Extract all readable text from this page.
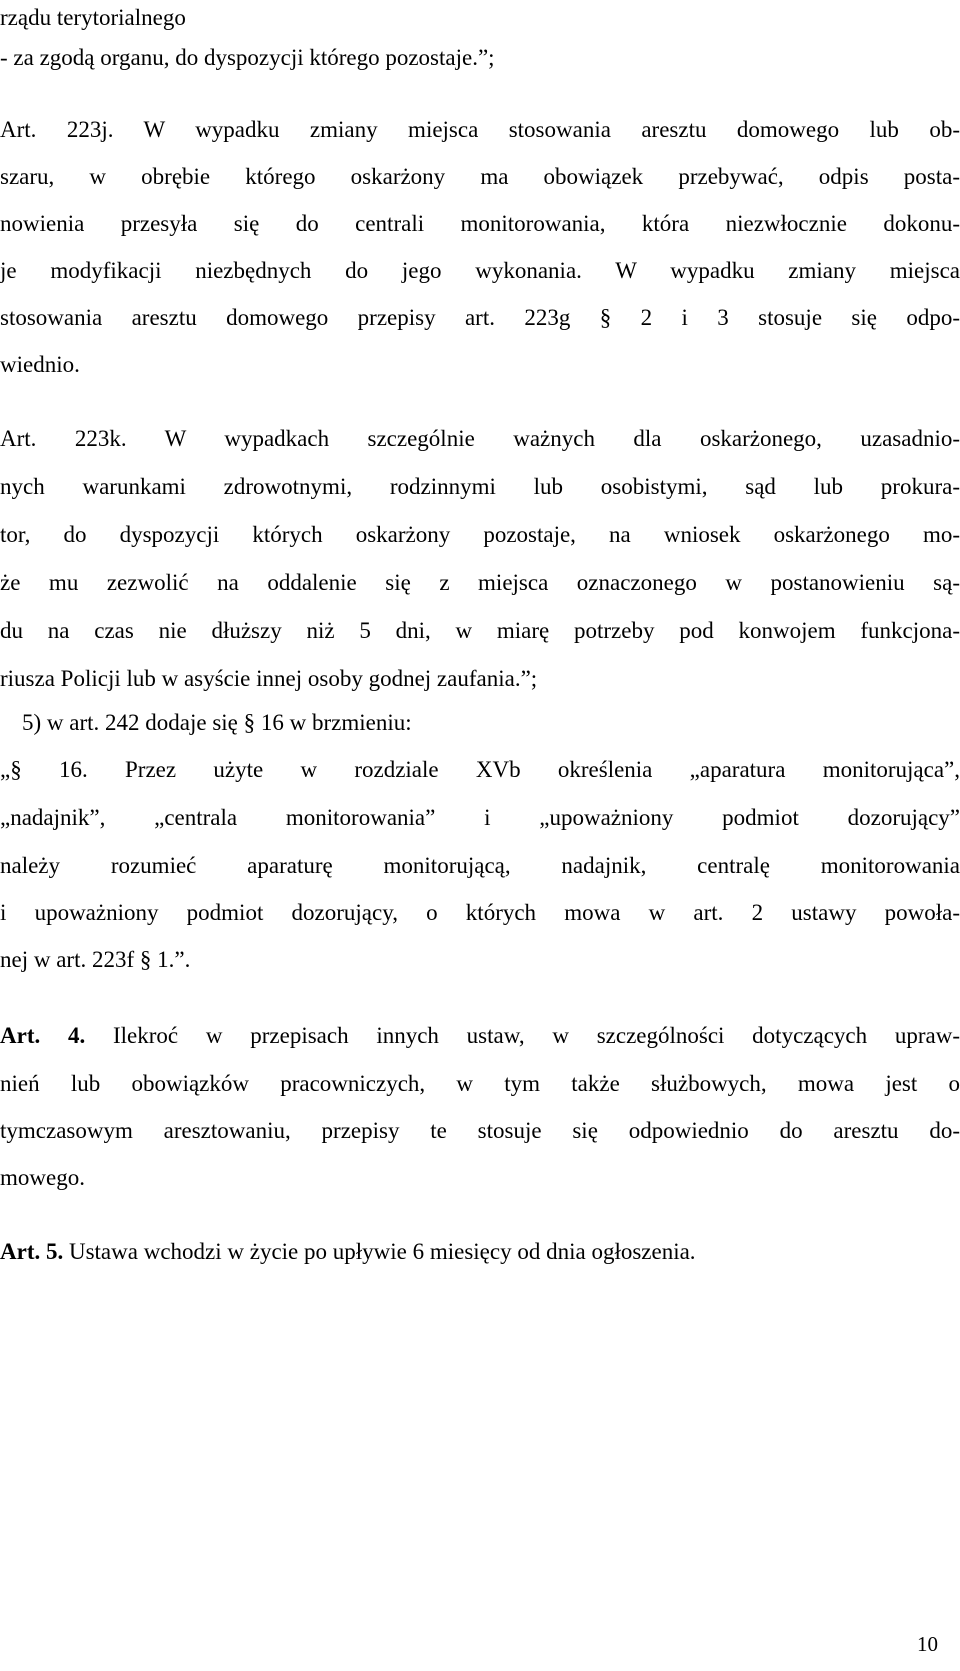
rządu terytorialnego
- za zgodą organu, do dyspozycji którego pozostaje.”;
Art. 223j. W wypadku zmiany miejsca stosowania aresztu domowego lub ob-
szaru, w obrębie którego oskarżony ma obowiązek przebywać, odpis posta-
nowienia przesyła się do centrali monitorowania, która niezwłocznie dokonu-
je modyfikacji niezbędnych do jego wykonania. W wypadku zmiany miejsca
stosowania aresztu domowego przepisy art. 223g § 2 i 3 stosuje się odpo-
wiednio.
Art. 223k. W wypadkach szczególnie ważnych dla oskarżonego, uzasadnio-
nych warunkami zdrowotnymi, rodzinnymi lub osobistymi, sąd lub prokura-
tor, do dyspozycji których oskarżony pozostaje, na wniosek oskarżonego mo-
że mu zezwolić na oddalenie się z miejsca oznaczonego w postanowieniu są-
du na czas nie dłuższy niż 5 dni, w miarę potrzeby pod konwojem funkcjona-
riusza Policji lub w asyście innej osoby godnej zaufania.”;
5) w art. 242 dodaje się § 16 w brzmieniu:
„§ 16. Przez użyte w rozdziale XVb określenia „aparatura monitorująca”,
„nadajnik”, „centrala monitorowania” i „upoważniony podmiot dozorujący”
należy rozumieć aparaturę monitorującą, nadajnik, centralę monitorowania
i upoważniony podmiot dozorujący, o których mowa w art. 2 ustawy powoła-
nej w art. 223f § 1.”.
Art. 4. Ilekroć w przepisach innych ustaw, w szczególności dotyczących upraw-
nień lub obowiązków pracowniczych, w tym także służbowych, mowa jest o
tymczasowym aresztowaniu, przepisy te stosuje się odpowiednio do aresztu do-
mowego.
Art. 5. Ustawa wchodzi w życie po upływie 6 miesięcy od dnia ogłoszenia.
10
